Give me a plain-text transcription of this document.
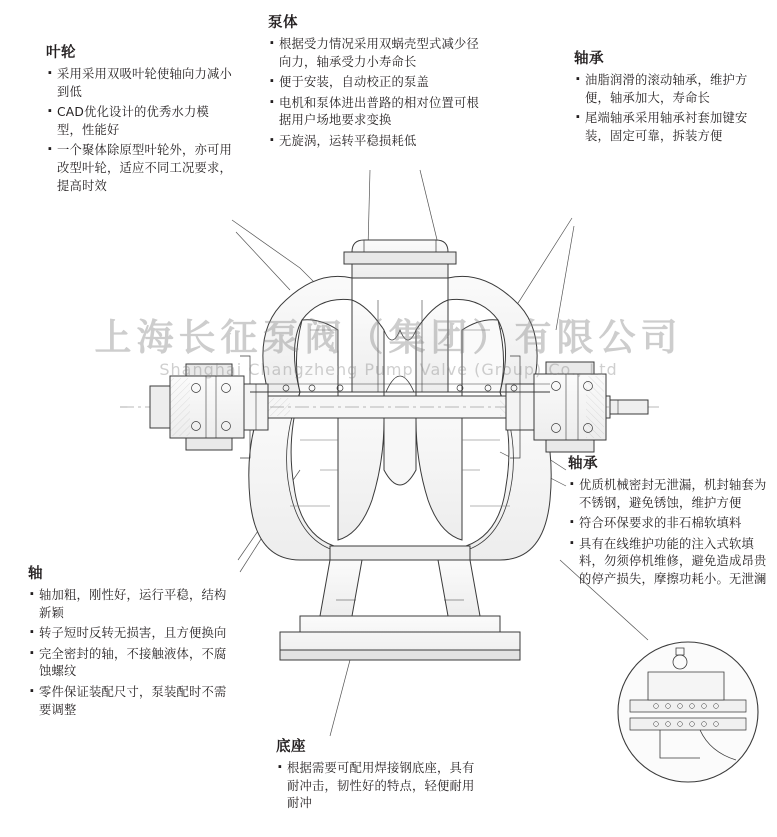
上海长征泵阀（集团）有限公司
Shanghai Changzheng Pump Valve (Group) Co., Ltd
叶轮
· 采用采用双吸叶轮使轴向力减小到低
· CAD优化设计的优秀水力模型，性能好
· 一个聚体除原型叶轮外，亦可用改型叶轮，适应不同工况要求，提高时效
泵体
· 根据受力情况采用双蜗壳型式减少径向力，轴承受力小寿命长
· 便于安装，自动校正的泵盖
· 电机和泵体进出普路的相对位置可根据用户场地要求变换
· 无旋涡，运转平稳损耗低
轴承
· 油脂润滑的滚动轴承，维护方便，轴承加大，寿命长
· 尾端轴承采用轴承衬套加键安装，固定可靠，拆装方便
轴承
· 优质机械密封无泄漏，机封轴套为不锈钢，避免锈蚀，维护方便
· 符合环保要求的非石棉软填料
· 具有在线维护功能的注入式软填料，勿须停机维修，避免造成昂贵的停产损失，摩擦功耗小。无泄澜
轴
· 轴加粗，刚性好，运行平稳，结构新颖
· 转子短时反转无损害，且方便换向
· 完全密封的轴，不接触液体，不腐蚀螺纹
· 零件保证装配尺寸，泵装配时不需要调整
底座
· 根据需要可配用焊接钢底座，具有耐冲击，韧性好的特点，轻便耐用耐冲
